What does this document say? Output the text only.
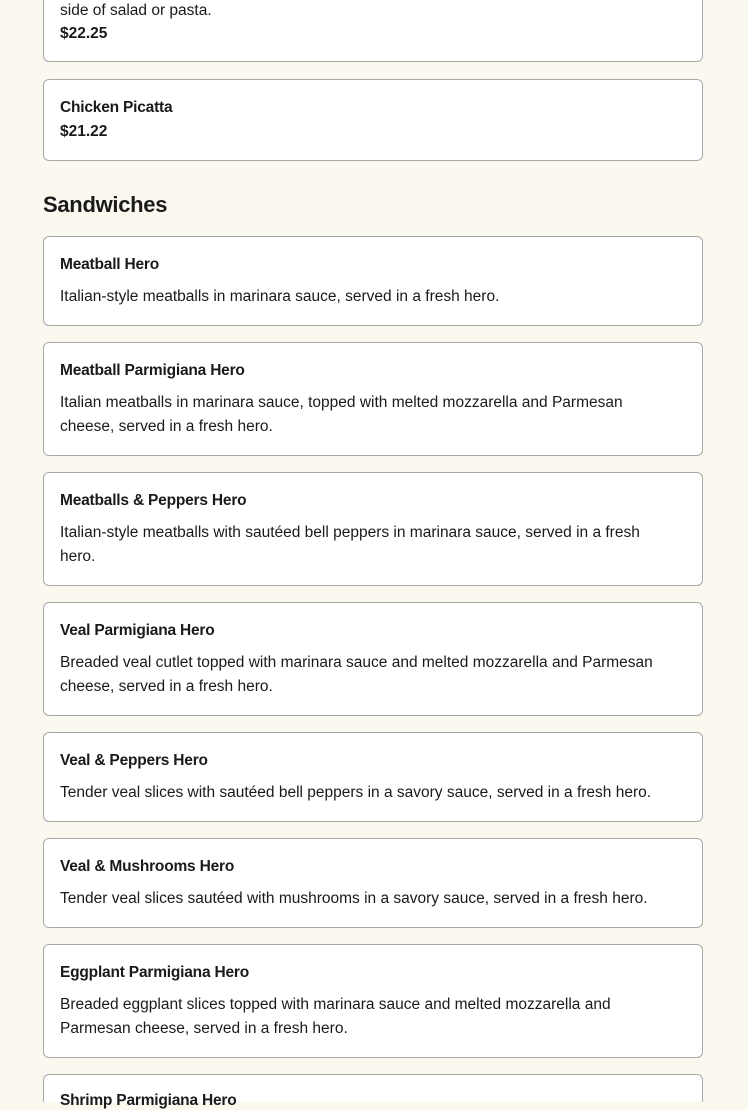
side of salad or pasta.
$22.25
Chicken Picatta
$21.22
Sandwiches
Meatball Hero
Italian-style meatballs in marinara sauce, served in a fresh hero.
Meatball Parmigiana Hero
Italian meatballs in marinara sauce, topped with melted mozzarella and Parmesan cheese, served in a fresh hero.
Meatballs & Peppers Hero
Italian-style meatballs with sautéed bell peppers in marinara sauce, served in a fresh hero.
Veal Parmigiana Hero
Breaded veal cutlet topped with marinara sauce and melted mozzarella and Parmesan cheese, served in a fresh hero.
Veal & Peppers Hero
Tender veal slices with sautéed bell peppers in a savory sauce, served in a fresh hero.
Veal & Mushrooms Hero
Tender veal slices sautéed with mushrooms in a savory sauce, served in a fresh hero.
Eggplant Parmigiana Hero
Breaded eggplant slices topped with marinara sauce and melted mozzarella and Parmesan cheese, served in a fresh hero.
Shrimp Parmigiana Hero
